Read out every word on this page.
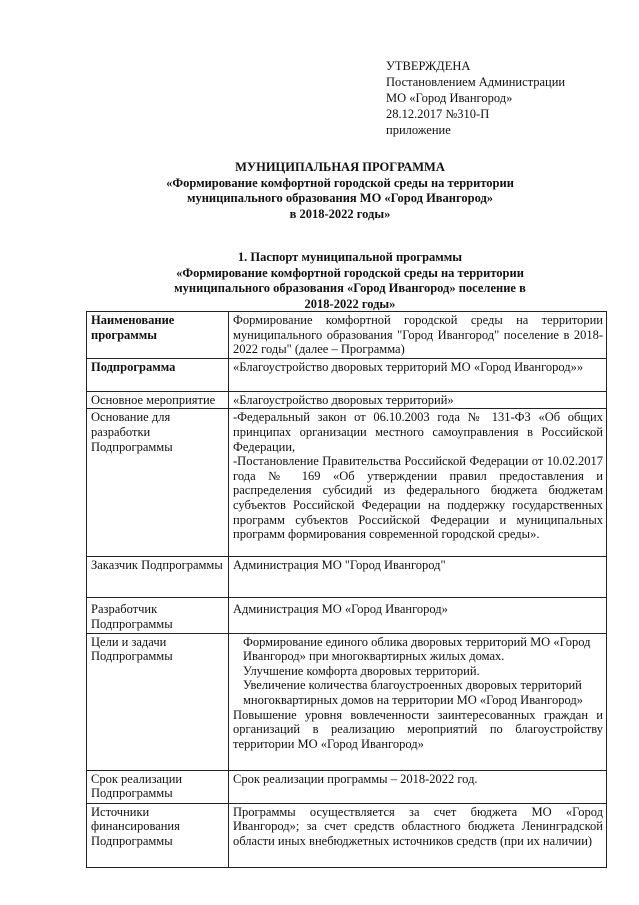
УТВЕРЖДЕНА
Постановлением Администрации
МО «Город Ивангород»
28.12.2017 №310-П
приложение
МУНИЦИПАЛЬНАЯ ПРОГРАММА
«Формирование комфортной городской среды на территории
муниципального образования МО «Город Ивангород»
в 2018-2022 годы»
1. Паспорт муниципальной программы
«Формирование комфортной городской среды на территории
муниципального образования «Город Ивангород» поселение в
2018-2022 годы»
Наименование программы	Формирование комфортной городской среды на территории муниципального образования "Город Ивангород" поселение в 2018-2022 годы" (далее – Программа)
Подпрограмма	«Благоустройство дворовых территорий МО «Город Ивангород»»
Основное мероприятие	«Благоустройство дворовых территорий»
Основание для разработки Подпрограммы	-Федеральный закон от 06.10.2003 года № 131-ФЗ «Об общих принципах организации местного самоуправления в Российской Федерации,
-Постановление Правительства Российской Федерации от 10.02.2017 года № 169 «Об утверждении правил предоставления и распределения субсидий из федерального бюджета бюджетам субъектов Российской Федерации на поддержку государственных программ субъектов Российской Федерации и муниципальных программ формирования современной городской среды».

Заказчик Подпрограммы	Администрация МО "Город Ивангород"
Разработчик Подпрограммы	Администрация МО «Город Ивангород»
Цели и задачи Подпрограммы	Формирование единого облика дворовых территорий МО «Город Ивангород» при многоквартирных жилых домах.
Улучшение комфорта дворовых территорий.
Увеличение количества благоустроенных дворовых территорий многоквартирных домов на территории МО «Город Ивангород»
Повышение уровня вовлеченности заинтересованных граждан и организаций в реализацию мероприятий по благоустройству территории МО «Город Ивангород»

Срок реализации Подпрограммы	Срок реализации программы – 2018-2022 год.
Источники финансирования Подпрограммы	Программы осуществляется за счет бюджета МО «Город Ивангород»; за счет средств областного бюджета Ленинградской области иных внебюджетных источников средств (при их наличии)
